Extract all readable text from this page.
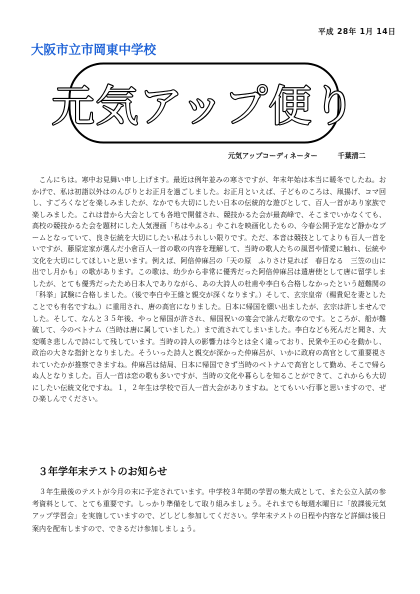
平成 28年 1月 14日
大阪市立市岡東中学校
元気アップ便り
元気アップコーディネーター	千葉清二

こんにちは。寒中お見舞い申し上げます。最近は例年並みの寒さですが、年末年始は本当に暖冬でしたね。おかげで、私は初詣以外はのんびりとお正月を過ごしました。お正月といえば、子どものころは、凧揚げ、コマ回し、すごろくなどを楽しみましたが、なかでも大切にしたい日本の伝統的な遊びとして、百人一首があり家族で楽しみました。これは昔から大会としても各地で開催され、競技かるた会が最高峰で、そこまでいかなくても、高校の競技かるた会を題材にした人気漫画「ちはやふる」やこれを映画化したもの、今春公開予定など静かなブームとなっていて、良き伝統を大切にしたい私はうれしい限りです。ただ、本音は競技としてよりも百人一首をいですが、藤原定家が選んだ小倉百人一首の歌の内容を理解して、当時の歌人たちの風習や情愛に触れ、伝統や文化を大切にしてほしいと思います。例えば、阿倍仲麻呂の「天の原　ふりさけ見れば　春日なる　三笠の山に　出でし月かも」の歌があります。この歌は、幼少から非常に優秀だった阿倍仲麻呂は遣唐使として唐に留学しましたが、とても優秀だったため日本人でありながら、あの大詩人の杜甫や李白も合格しなかったという超難関の「科挙」試験に合格しました。（後で李白や王維と親交が深くなります。）そして、玄宗皇帝（楊貴妃を妻としたことでも有名ですね。）に重用され、唐の高官になりました。日本に帰国を願い出ましたが、玄宗は許しませんでした。そして、なんと３５年後、やっと帰国が許され、帰国祝いの宴会で詠んだ歌なのです。ところが、船が難破して、今のベトナム（当時は唐に属していました。）まで流されてしまいました。李白なども死んだと聞き、大変嘆き悲しんで詩にして残しています。当時の詩人の影響力は今とは全く違っており、民衆や王の心を動かし、政治の大きな指針となりました。そういった詩人と親交が深かった仲麻呂が、いかに政府の高官として重要視されていたかが推察できますね。仲麻呂は結局、日本に帰国できず当時のベトナムで高官として勤め、そこで帰らぬ人となりました。百人一首は恋の歌も多いですが、当時の文化や暮らしを知ることができて、これからも大切にしたい伝統文化ですね。１，２年生は学校で百人一首大会がありますね。とてもいい行事と思いますので、ぜひ楽しんでください。

３年学年末テストのお知らせ

３年生最後のテストが今月の末に予定されています。中学校３年間の学習の集大成として、また公立入試の参考資料として、とても重要です。しっかり準備をして取り組みましょう。それまでも毎週水曜日に「放課後元気アップ学習会」を実施していますので、どしどし参加してください。学年末テストの日程や内容など詳細は後日案内を配布しますので、できるだけ参加しましょう。
